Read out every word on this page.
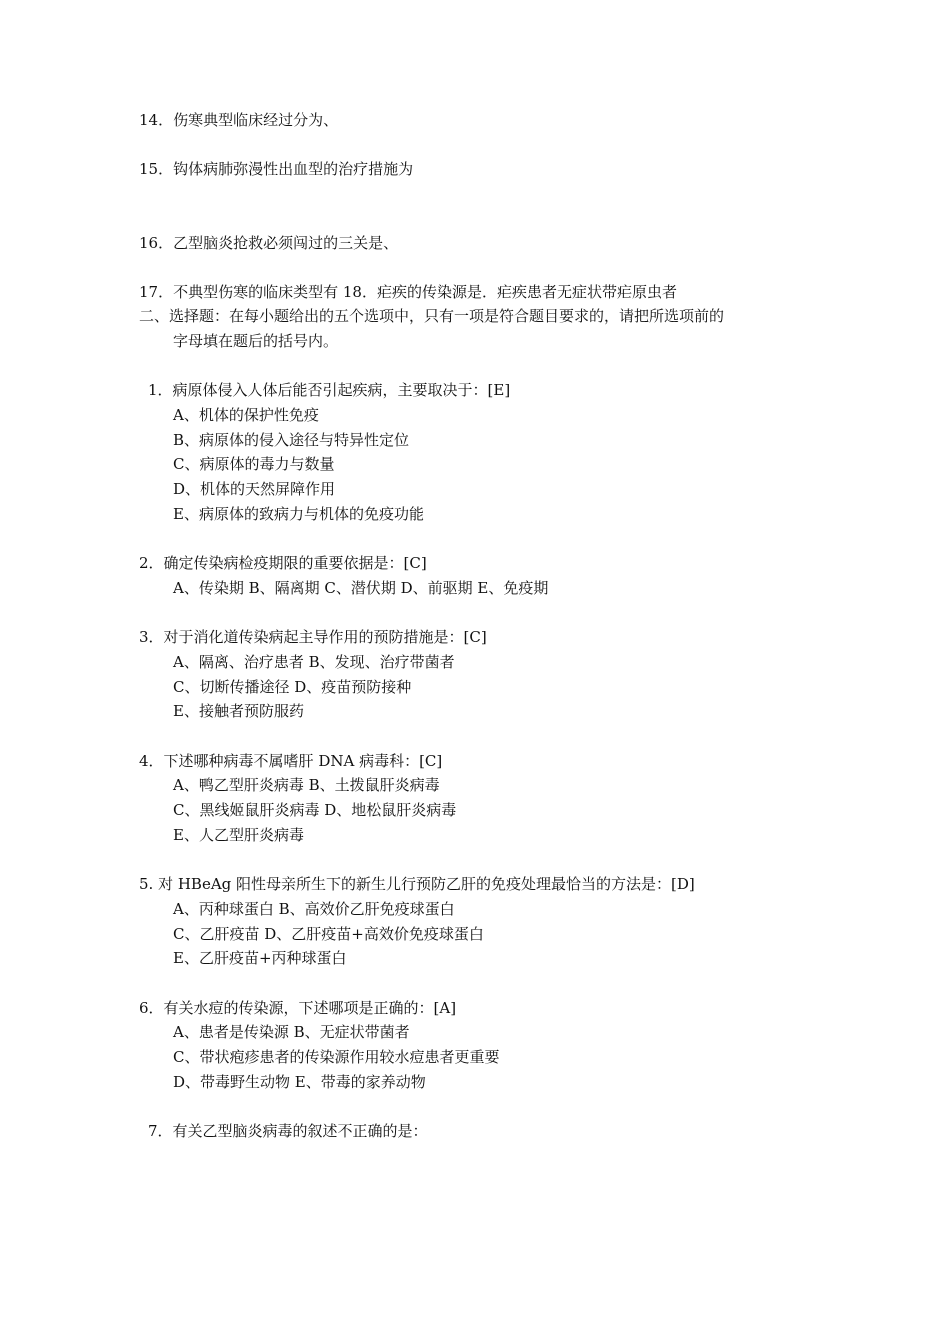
14．伤寒典型临床经过分为、
15．钩体病肺弥漫性出血型的治疗措施为
16．乙型脑炎抢救必须闯过的三关是、
17．不典型伤寒的临床类型有 18．疟疾的传染源是．疟疾患者无症状带疟原虫者
二、选择题：在每小题给出的五个选项中，只有一项是符合题目要求的，请把所选项前的
字母填在题后的括号内。
1．病原体侵入人体后能否引起疾病，主要取决于：[E]
A、机体的保护性免疫
B、病原体的侵入途径与特异性定位
C、病原体的毒力与数量
D、机体的天然屏障作用
E、病原体的致病力与机体的免疫功能
2．确定传染病检疫期限的重要依据是：[C]
A、传染期 B、隔离期 C、潜伏期 D、前驱期 E、免疫期
3．对于消化道传染病起主导作用的预防措施是：[C]
A、隔离、治疗患者 B、发现、治疗带菌者
C、切断传播途径 D、疫苗预防接种
E、接触者预防服药
4．下述哪种病毒不属嗜肝 DNA 病毒科：[C]
A、鸭乙型肝炎病毒 B、土拨鼠肝炎病毒
C、黑线姬鼠肝炎病毒 D、地松鼠肝炎病毒
E、人乙型肝炎病毒
5. 对 HBeAg 阳性母亲所生下的新生儿行预防乙肝的免疫处理最恰当的方法是：[D]
A、丙种球蛋白 B、高效价乙肝免疫球蛋白
C、乙肝疫苗 D、乙肝疫苗+高效价免疫球蛋白
E、乙肝疫苗+丙种球蛋白
6．有关水痘的传染源，下述哪项是正确的：[A]
A、患者是传染源 B、无症状带菌者
C、带状疱疹患者的传染源作用较水痘患者更重要
D、带毒野生动物 E、带毒的家养动物
7．有关乙型脑炎病毒的叙述不正确的是：
